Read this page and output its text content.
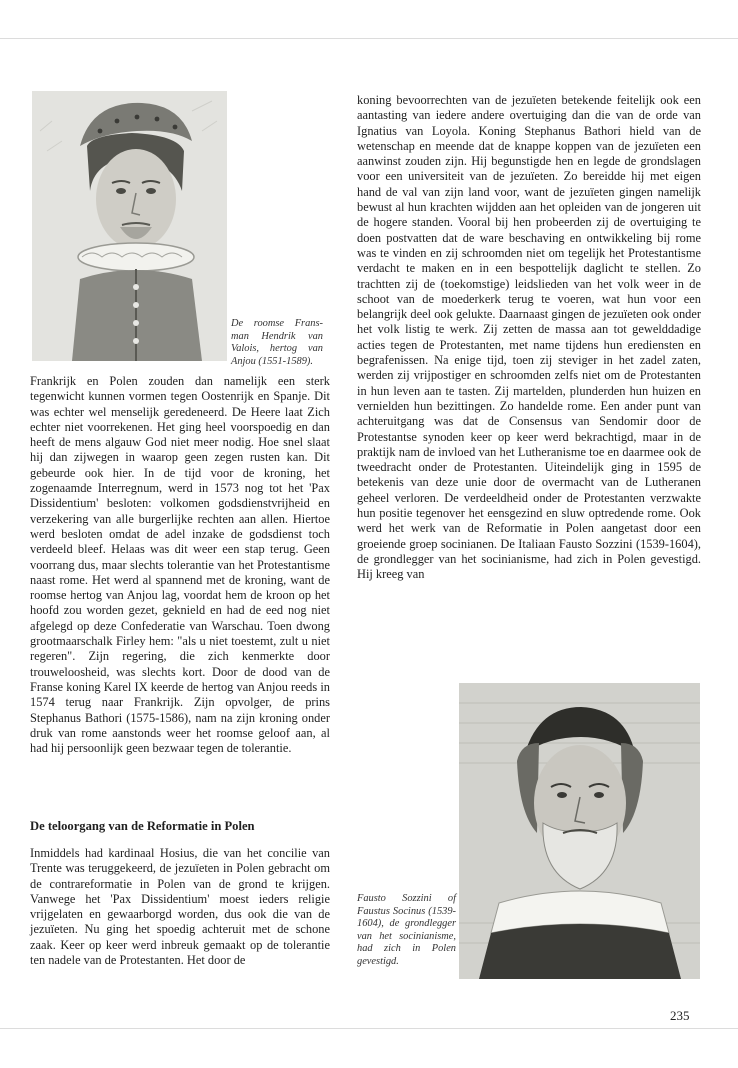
De roomse Frans- man Hendrik van Valois, hertog van Anjou (1551-1589).

Frankrijk en Polen zouden dan namelijk een sterk tegenwicht kunnen vormen tegen Oostenrijk en Spanje. Dit was echter wel menselijk geredeneerd. De Heere laat Zich echter niet voorrekenen. Het ging heel voorspoedig en dan heeft de mens algauw God niet meer nodig. Hoe snel slaat hij dan zijwegen in waarop geen zegen rusten kan. Dit gebeurde ook hier. In de tijd voor de kroning, het zogenaamde Interregnum, werd in 1573 nog tot het 'Pax Dissidentium' besloten: volkomen godsdienstvrijheid en verzekering van alle burgerlijke rechten aan allen. Hiertoe werd besloten omdat de adel inzake de godsdienst toch verdeeld bleef. Helaas was dit weer een stap terug. Geen voorrang dus, maar slechts tolerantie van het Protestantisme naast rome. Het werd al spannend met de kroning, want de roomse hertog van Anjou lag, voordat hem de kroon op het hoofd zou worden gezet, geknield en had de eed nog niet afgelegd op deze Confederatie van Warschau. Toen dwong grootmaarschalk Firley hem: "als u niet toestemt, zult u niet regeren". Zijn regering, die zich kenmerkte door trouweloosheid, was slechts kort. Door de dood van de Franse koning Karel IX keerde de hertog van Anjou reeds in 1574 terug naar Frankrijk. Zijn opvolger, de prins Stephanus Bathori (1575-1586), nam na zijn kroning onder druk van rome aanstonds weer het roomse geloof aan, al had hij persoonlijk geen bezwaar tegen de tolerantie.

De teloorgang van de Reformatie in Polen

Inmiddels had kardinaal Hosius, die van het concilie van Trente was teruggekeerd, de jezuïeten in Polen gebracht om de contrareformatie in Polen van de grond te krijgen. Vanwege het 'Pax Dissidentium' moest ieders religie vrijgelaten en gewaarborgd worden, dus ook die van de jezuïeten. Nu ging het spoedig achteruit met de schone zaak. Keer op keer werd inbreuk gemaakt op de tolerantie ten nadele van de Protestanten. Het door de

koning bevoorrechten van de jezuïeten betekende feitelijk ook een aantasting van iedere andere overtuiging dan die van de orde van Ignatius van Loyola. Koning Stephanus Bathori hield van de wetenschap en meende dat de knappe koppen van de jezuïeten een aanwinst zouden zijn. Hij begunstigde hen en legde de grondslagen voor een universiteit van de jezuïeten. Zo bereidde hij met eigen hand de val van zijn land voor, want de jezuïeten gingen namelijk bewust al hun krachten wijdden aan het opleiden van de jongeren uit de hogere standen. Vooral bij hen probeerden zij de overtuiging te doen postvatten dat de ware beschaving en ontwikkeling bij rome was te vinden en zij schroomden niet om tegelijk het Protestantisme verdacht te maken en in een bespottelijk daglicht te stellen. Zo trachtten zij de (toekomstige) leidslieden van het volk weer in de schoot van de moederkerk terug te voeren, wat hun voor een belangrijk deel ook gelukte. Daarnaast gingen de jezuïeten ook onder het volk listig te werk. Zij zetten de massa aan tot gewelddadige acties tegen de Protestanten, met name tijdens hun erediensten en begrafenissen. Na enige tijd, toen zij steviger in het zadel zaten, werden zij vrijpostiger en schroomden zelfs niet om de Protestanten in hun leven aan te tasten. Zij martelden, plunderden hun huizen en vernielden hun bezittingen. Zo handelde rome. Een ander punt van achteruitgang was dat de Consensus van Sendomir door de Protestantse synoden keer op keer werd bekrachtigd, maar in de praktijk nam de invloed van het Lutheranisme toe en daarmee ook de tweedracht onder de Protestanten. Uiteindelijk ging in 1595 de betekenis van deze unie door de overmacht van de Lutheranen geheel verloren. De verdeeldheid onder de Protestanten verzwakte hun positie tegenover het eensgezind en sluw optredende rome. Ook werd het werk van de Reformatie in Polen aangetast door een groeiende groep socinianen. De Italiaan Fausto Sozzini (1539-1604), de grondlegger van het socinianisme, had zich in Polen gevestigd. Hij kreeg van

Fausto Sozzini of Faustus Socinus (1539-1604), de grondlegger van het socinianisme, had zich in Polen gevestigd.
235
